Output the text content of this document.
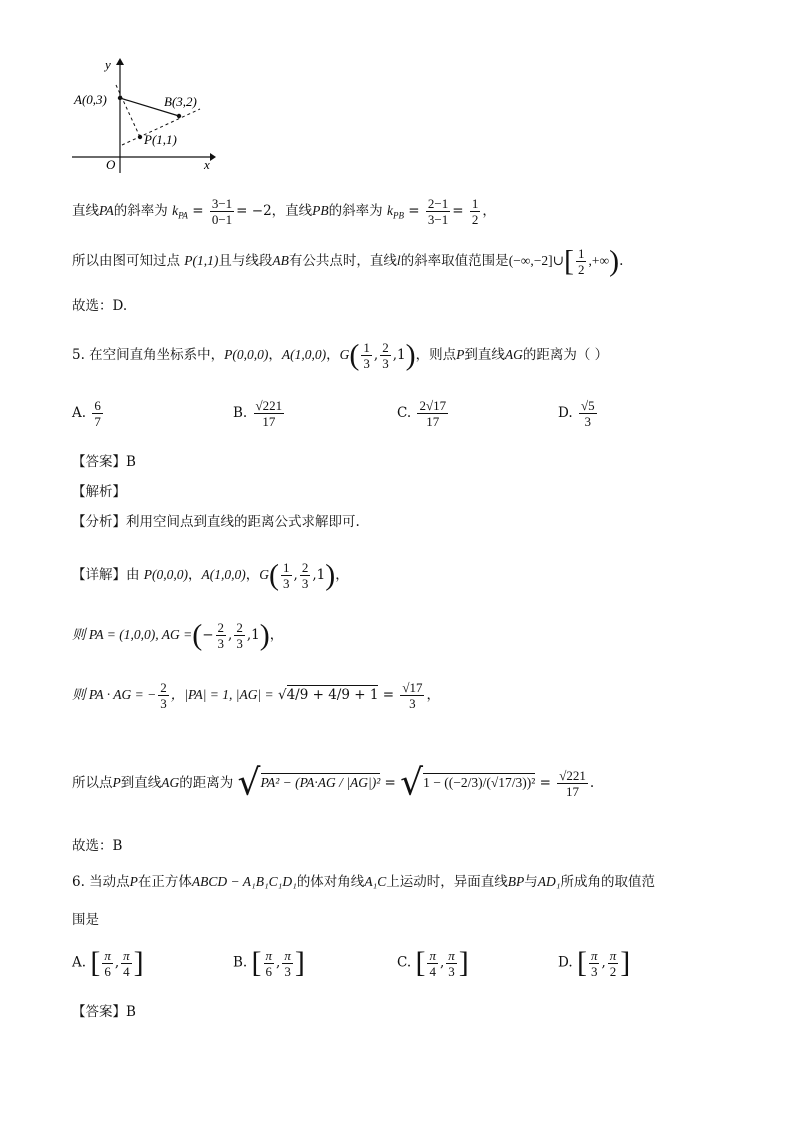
y
x
O
A(0,3)	B(3,2)
P(1,1)
直线PA的斜率为 $k_{PA} = \frac{3-1}{0-1} = -2$，直线PB的斜率为 $k_{PB} = \frac{2-1}{3-1} = \frac{1}{2}$ ，
所以由图可知过点 P(1,1)且与线段AB有公共点时，直线l的斜率取值范围是(−∞,−2]∪[ $\frac{1}{2}$ ,+∞).
故选：D.
5. 在空间直角坐标系中，P(0,0,0)，A(1,0,0)，$G( \frac{1}{3}$ , $\frac{2}{3} ,1$)，则点P到直线AG的距离为（ ）
A. $\frac{6}{7}$	B. $\frac{√221}{17}$	C. $\frac{2√17}{17}$	D. $\frac{√5}{3}$
【答案】B
【解析】
【分析】利用空间点到直线的距离公式求解即可.
【详解】由 P(0,0,0)，A(1,0,0)，$G( \frac{1}{3}$ , $\frac{2}{3} ,1$)，
则 PA = (1,0,0), AG =(− $\frac{2}{3}$ , $\frac{2}{3} ,1$)，
则 PA · AG = − $\frac{2}{3}$ ，|PA| = 1, $|AG| = √4/9 + 4/9 + 1 = \frac{√17}{3}$ ，
所以点P到直线AG的距离为 $√PA^2 - (PA\cdot AG / |AG|)^2 = √1 - ((-2/3)/(√17/3))^2 = \frac{√221}{17}$ .
故选：B
6. 当动点P在正方体ABCD − A₁B₁C₁D₁的体对角线A₁C上运动时，异面直线BP与AD₁所成角的取值范
围是
A. [ $\frac{\pi}{6}$ , $\frac{\pi}{4}$ ]	B. [ $\frac{\pi}{6}$ , $\frac{\pi}{3}$ ]	C. [ $\frac{\pi}{4}$ , $\frac{\pi}{3}$ ]	D. [ $\frac{\pi}{3}$ , $\frac{\pi}{2}$ ]
【答案】B
